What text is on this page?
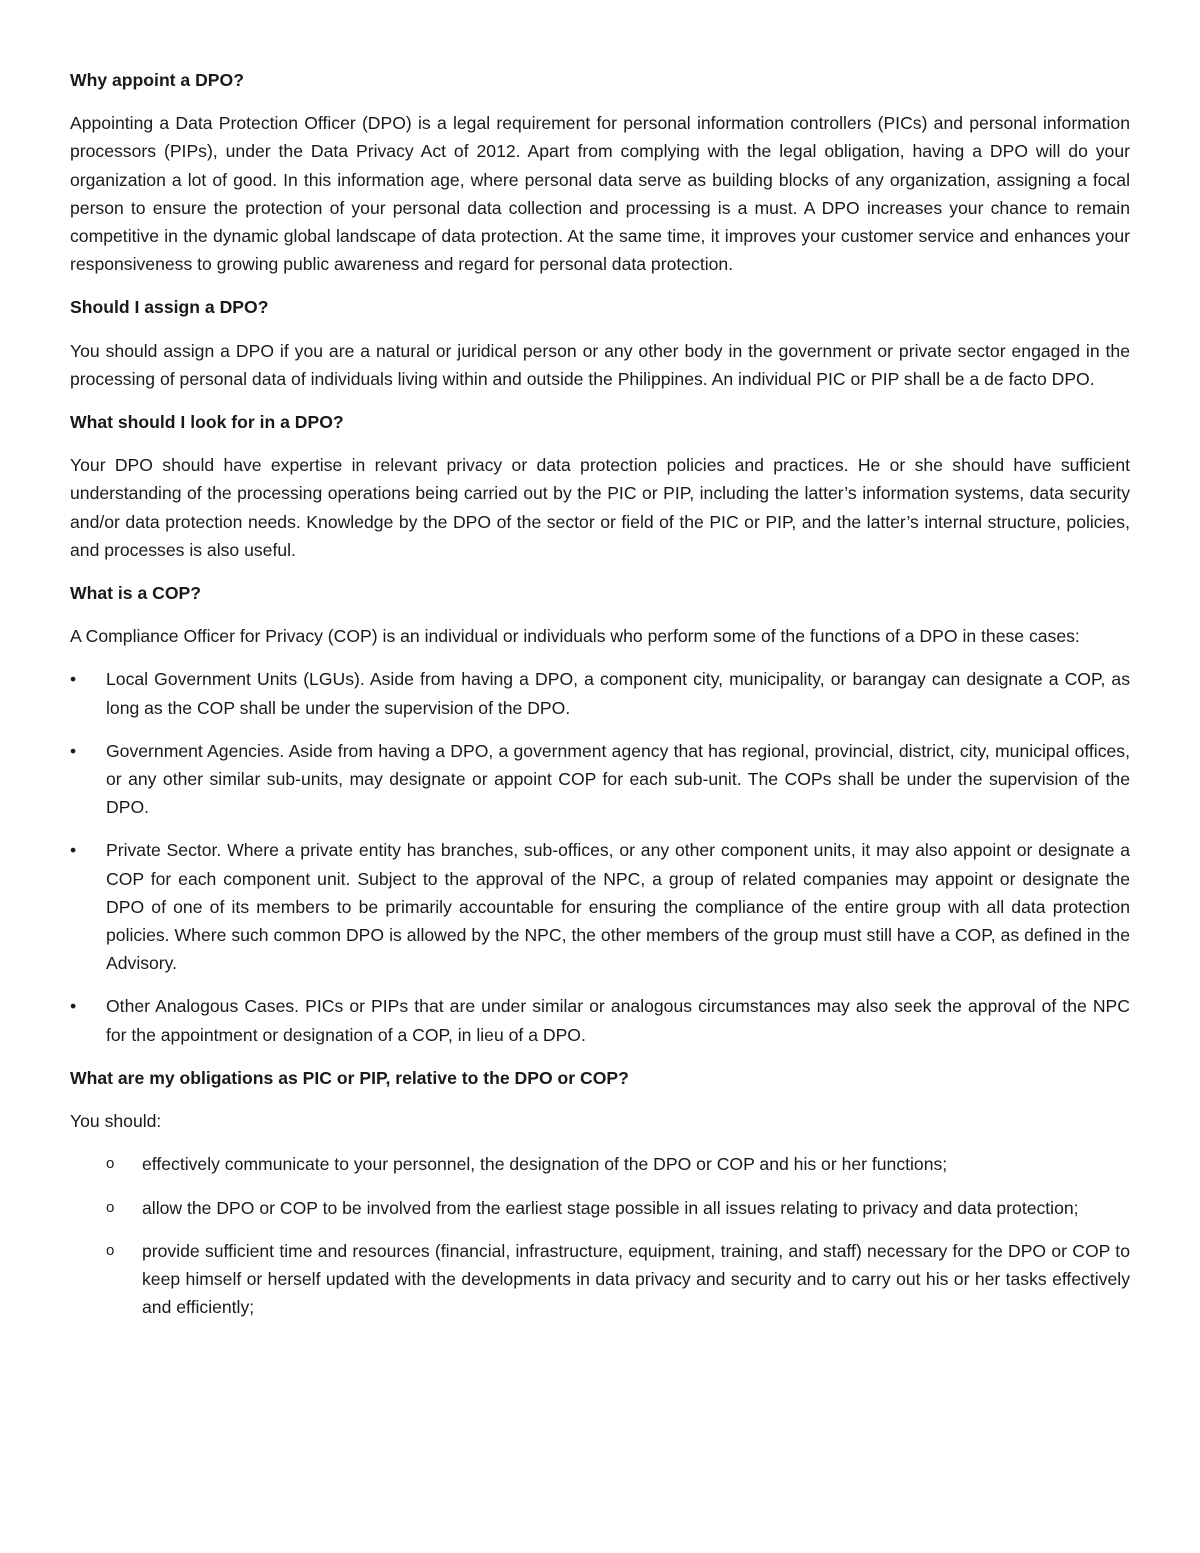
Why appoint a DPO?
Appointing a Data Protection Officer (DPO) is a legal requirement for personal information controllers (PICs) and personal information processors (PIPs), under the Data Privacy Act of 2012. Apart from complying with the legal obligation, having a DPO will do your organization a lot of good. In this information age, where personal data serve as building blocks of any organization, assigning a focal person to ensure the protection of your personal data collection and processing is a must. A DPO increases your chance to remain competitive in the dynamic global landscape of data protection. At the same time, it improves your customer service and enhances your responsiveness to growing public awareness and regard for personal data protection.
Should I assign a DPO?
You should assign a DPO if you are a natural or juridical person or any other body in the government or private sector engaged in the processing of personal data of individuals living within and outside the Philippines. An individual PIC or PIP shall be a de facto DPO.
What should I look for in a DPO?
Your DPO should have expertise in relevant privacy or data protection policies and practices. He or she should have sufficient understanding of the processing operations being carried out by the PIC or PIP, including the latter’s information systems, data security and/or data protection needs. Knowledge by the DPO of the sector or field of the PIC or PIP, and the latter’s internal structure, policies, and processes is also useful.
What is a COP?
A Compliance Officer for Privacy (COP) is an individual or individuals who perform some of the functions of a DPO in these cases:
•	Local Government Units (LGUs). Aside from having a DPO, a component city, municipality, or barangay can designate a COP, as long as the COP shall be under the supervision of the DPO.
•	Government Agencies. Aside from having a DPO, a government agency that has regional, provincial, district, city, municipal offices, or any other similar sub-units, may designate or appoint COP for each sub-unit. The COPs shall be under the supervision of the DPO.
•	Private Sector. Where a private entity has branches, sub-offices, or any other component units, it may also appoint or designate a COP for each component unit. Subject to the approval of the NPC, a group of related companies may appoint or designate the DPO of one of its members to be primarily accountable for ensuring the compliance of the entire group with all data protection policies. Where such common DPO is allowed by the NPC, the other members of the group must still have a COP, as defined in the Advisory.
•	Other Analogous Cases. PICs or PIPs that are under similar or analogous circumstances may also seek the approval of the NPC for the appointment or designation of a COP, in lieu of a DPO.
What are my obligations as PIC or PIP, relative to the DPO or COP?
You should:
o effectively communicate to your personnel, the designation of the DPO or COP and his or her functions;
o allow the DPO or COP to be involved from the earliest stage possible in all issues relating to privacy and data protection;
o provide sufficient time and resources (financial, infrastructure, equipment, training, and staff) necessary for the DPO or COP to keep himself or herself updated with the developments in data privacy and security and to carry out his or her tasks effectively and efficiently;
